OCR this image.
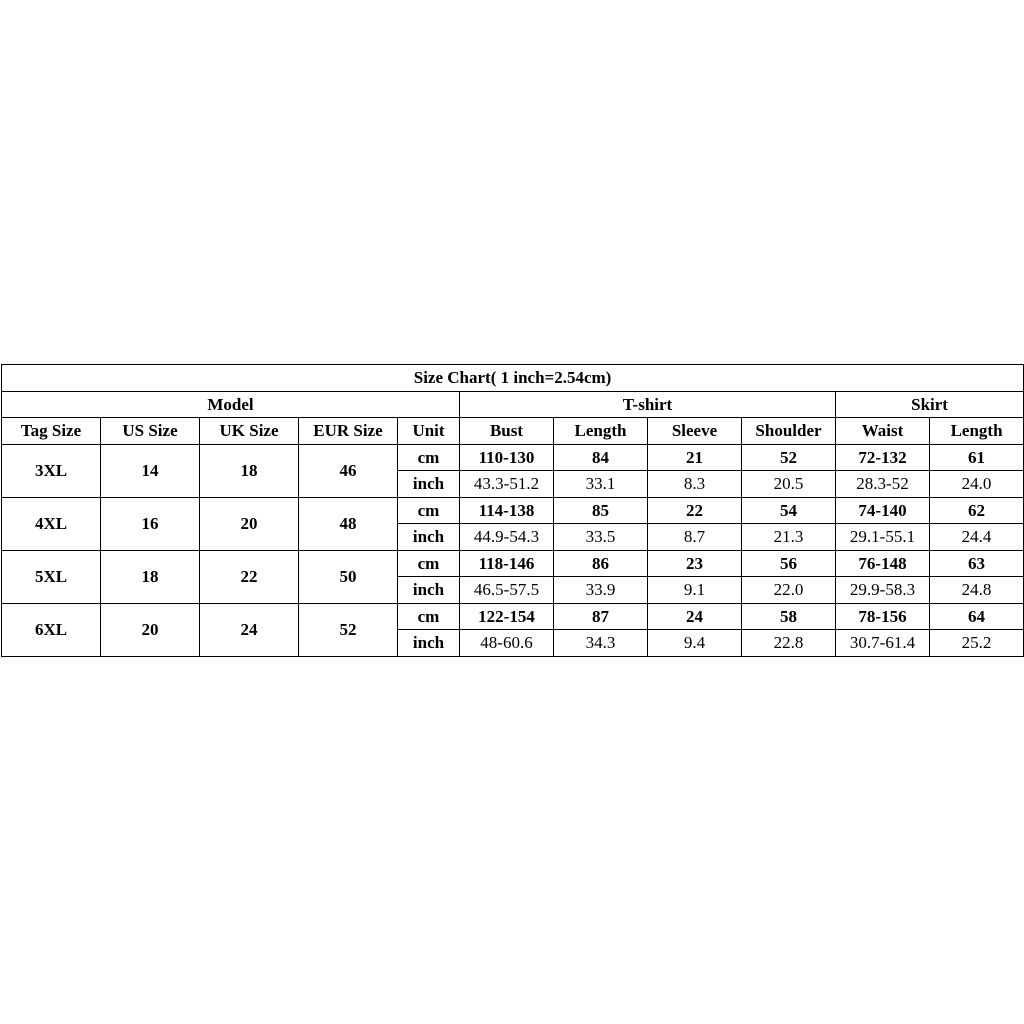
Size Chart( 1 inch=2.54cm)										
Model					T-shirt				Skirt	
Tag Size	US Size	UK Size	EUR Size	Unit	Bust	Length	Sleeve	Shoulder	Waist	Length
3XL	14	18	46	cm	110-130	84	21	52	72-132	61
				inch	43.3-51.2	33.1	8.3	20.5	28.3-52	24.0
4XL	16	20	48	cm	114-138	85	22	54	74-140	62
				inch	44.9-54.3	33.5	8.7	21.3	29.1-55.1	24.4
5XL	18	22	50	cm	118-146	86	23	56	76-148	63
				inch	46.5-57.5	33.9	9.1	22.0	29.9-58.3	24.8
6XL	20	24	52	cm	122-154	87	24	58	78-156	64
				inch	48-60.6	34.3	9.4	22.8	30.7-61.4	25.2
